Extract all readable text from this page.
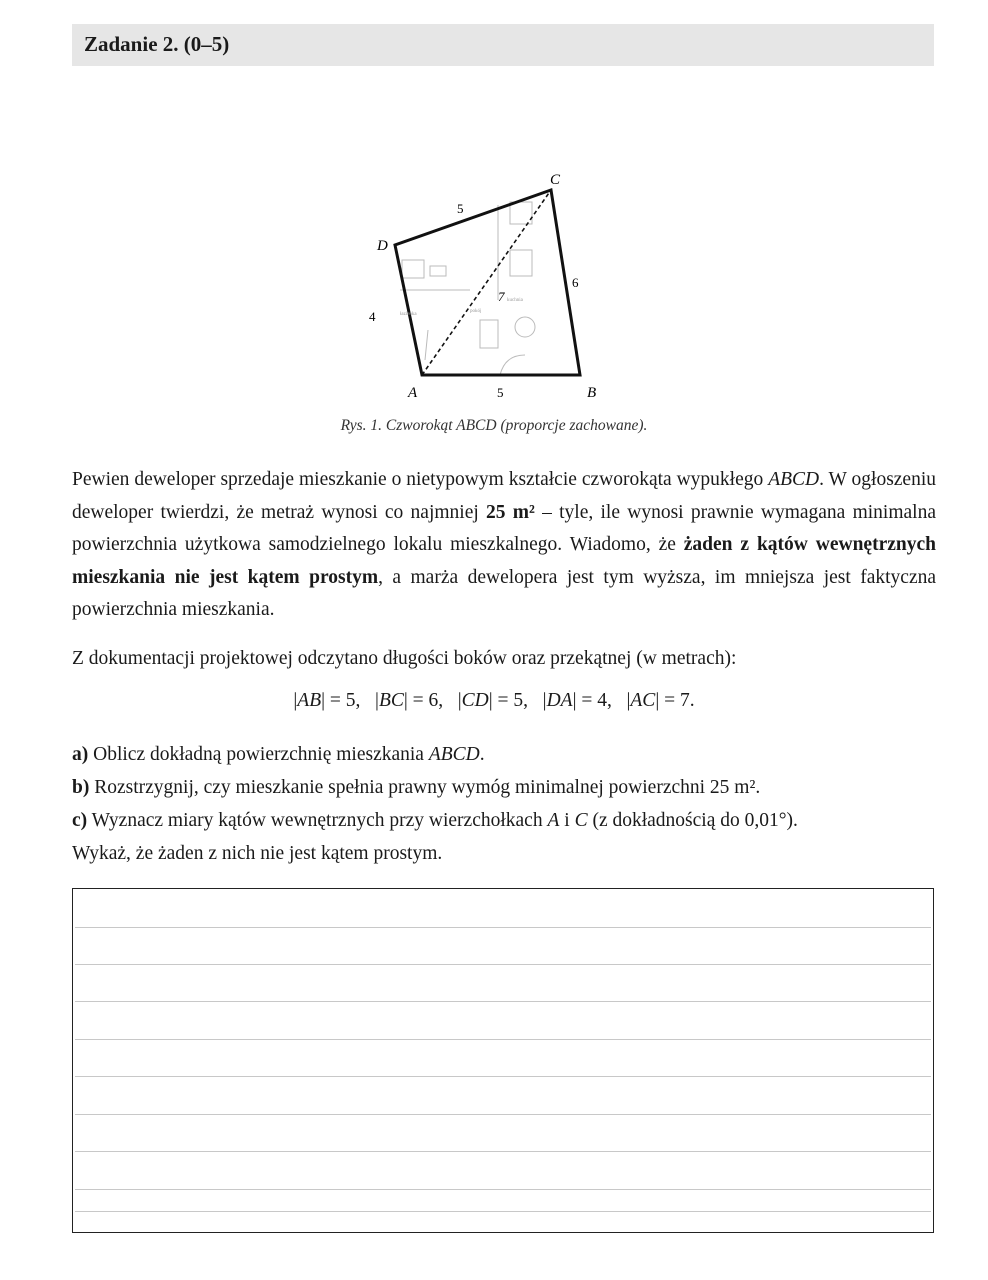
Zadanie 2. (0–5)
A	B
C
D
5
6
5
4
7
łazienka
pokój
kuchnia
Rys. 1. Czworokąt ABCD (proporcje zachowane).
Pewien deweloper sprzedaje mieszkanie o nietypowym kształcie czworokąta wypukłego ABCD. W ogłoszeniu deweloper twierdzi, że metraż wynosi co najmniej 25 m² – tyle, ile wynosi prawnie wymagana minimalna powierzchnia użytkowa samodzielnego lokalu mieszkalnego. Wiadomo, że żaden z kątów wewnętrznych mieszkania nie jest kątem prostym, a marża dewelopera jest tym wyższa, im mniejsza jest faktyczna powierzchnia mieszkania.
Z dokumentacji projektowej odczytano długości boków oraz przekątnej (w metrach):
|AB| = 5,   |BC| = 6,   |CD| = 5,   |DA| = 4,   |AC| = 7.
a) Oblicz dokładną powierzchnię mieszkania ABCD.
b) Rozstrzygnij, czy mieszkanie spełnia prawny wymóg minimalnej powierzchni 25 m².
c) Wyznacz miary kątów wewnętrznych przy wierzchołkach A i C (z dokładnością do 0,01°).
Wykaż, że żaden z nich nie jest kątem prostym.
